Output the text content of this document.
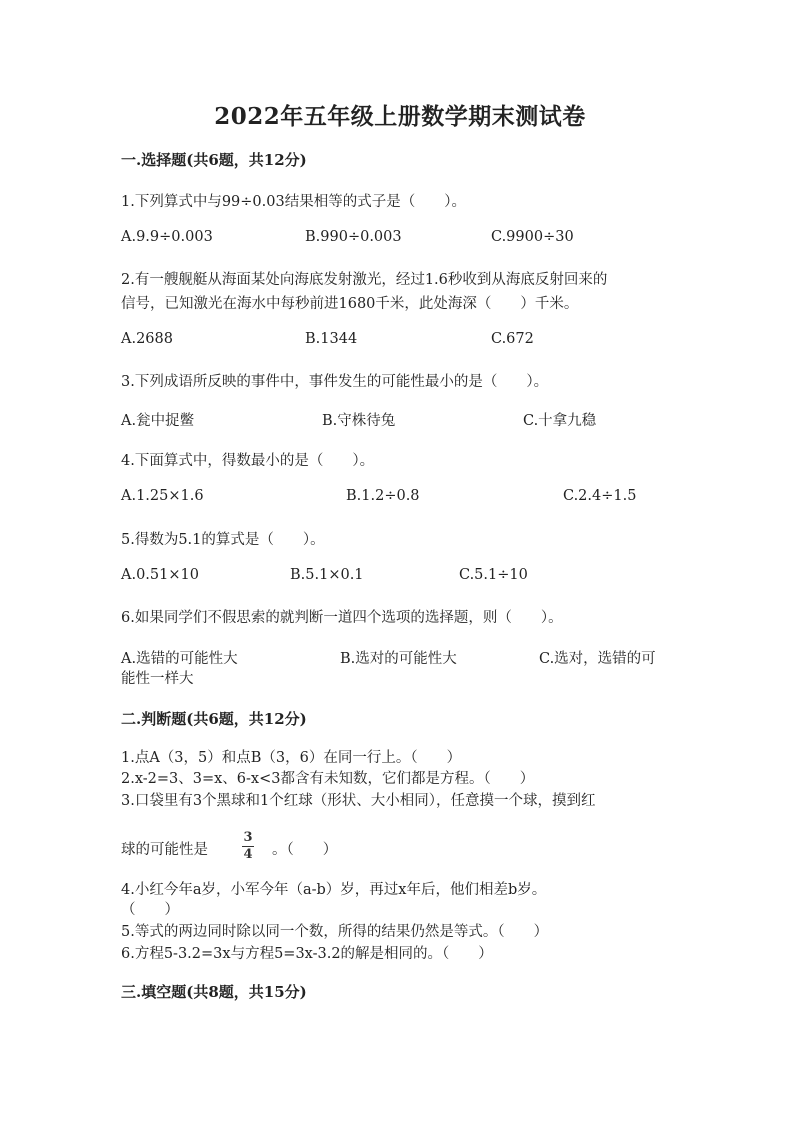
2022年五年级上册数学期末测试卷
一.选择题(共6题，共12分)
1.下列算式中与99÷0.03结果相等的式子是（　　）。
A.9.9÷0.003	B.990÷0.003	C.9900÷30
2.有一艘舰艇从海面某处向海底发射激光，经过1.6秒收到从海底反射回来的
信号，已知激光在海水中每秒前进1680千米，此处海深（　　）千米。
A.2688	B.1344	C.672
3.下列成语所反映的事件中，事件发生的可能性最小的是（　　）。
A.瓮中捉鳖	B.守株待兔	C.十拿九稳
4.下面算式中，得数最小的是（　　）。
A.1.25×1.6	B.1.2÷0.8	C.2.4÷1.5
5.得数为5.1的算式是（　　）。
A.0.51×10	B.5.1×0.1	C.5.1÷10
6.如果同学们不假思索的就判断一道四个选项的选择题，则（　　）。
A.选错的可能性大	B.选对的可能性大	C.选对，选错的可
能性一样大
二.判断题(共6题，共12分)
1.点A（3，5）和点B（3，6）在同一行上。（　　）
2.x-2=3、3=x、6-x<3都含有未知数，它们都是方程。（　　）
3.口袋里有3个黑球和1个红球（形状、大小相同），任意摸一个球，摸到红
球的可能性是
3
4 。（　　）
4.小红今年a岁，小军今年（a-b）岁，再过x年后，他们相差b岁。
（　　）
5.等式的两边同时除以同一个数，所得的结果仍然是等式。（　　）
6.方程5-3.2=3x与方程5=3x-3.2的解是相同的。（　　）
三.填空题(共8题，共15分)
